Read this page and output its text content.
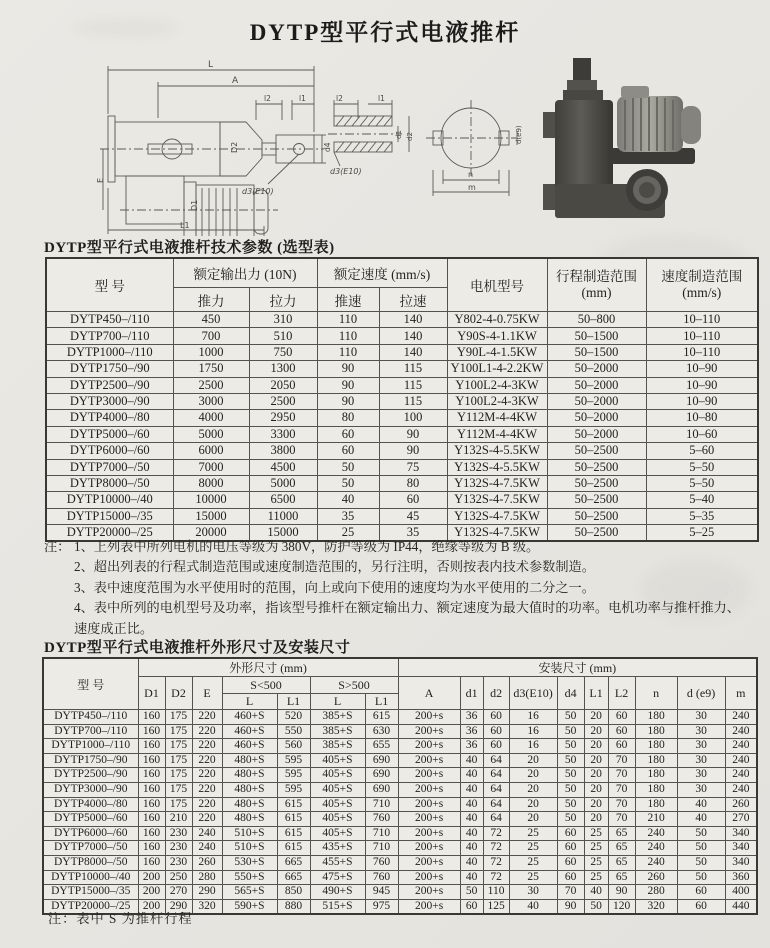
DYTP型平行式电液推杆
L
A
l2	l1
d4
D2
D1
E
L1
d3(E10)
d3(E10)
l2	l1
d1 d2
n
m
d(e9)
DYTP型平行式电液推杆技术参数 (选型表)
型 号	额定输出力 (10N)		额定速度 (mm/s)		电机型号	行程制造范围
(mm)	速度制造范围
(mm/s)

	推力	拉力	推速	拉速			
DYTP450–/110	450	310	110	140	Y802-4-0.75KW	50–800	10–110
DYTP700–/110	700	510	110	140	Y90S-4-1.1KW	50–1500	10–110
DYTP1000–/110	1000	750	110	140	Y90L-4-1.5KW	50–1500	10–110
DYTP1750–/90	1750	1300	90	115	Y100L1-4-2.2KW	50–2000	10–90
DYTP2500–/90	2500	2050	90	115	Y100L2-4-3KW	50–2000	10–90
DYTP3000–/90	3000	2500	90	115	Y100L2-4-3KW	50–2000	10–90
DYTP4000–/80	4000	2950	80	100	Y112M-4-4KW	50–2000	10–80
DYTP5000–/60	5000	3300	60	90	Y112M-4-4KW	50–2000	10–60
DYTP6000–/60	6000	3800	60	90	Y132S-4-5.5KW	50–2500	5–60
DYTP7000–/50	7000	4500	50	75	Y132S-4-5.5KW	50–2500	5–50
DYTP8000–/50	8000	5000	50	80	Y132S-4-7.5KW	50–2500	5–50
DYTP10000–/40	10000	6500	40	60	Y132S-4-7.5KW	50–2500	5–40
DYTP15000–/35	15000	11000	35	45	Y132S-4-7.5KW	50–2500	5–35
DYTP20000–/25	20000	15000	25	35	Y132S-4-7.5KW	50–2500	5–25
注： 1、上列表中所列电机的电压等级为 380V，防护等级为 IP44，绝缘等级为 B 级。
2、超出列表的行程式制造范围或速度制造范围的，另行注明，否则按表内技术参数制造。
3、表中速度范围为水平使用时的范围，向上或向下使用的速度均为水平使用的二分之一。
4、表中所列的电机型号及功率，指该型号推杆在额定输出力、额定速度为最大值时的功率。电机功率与推杆推力、速度成正比。
DYTP型平行式电液推杆外形尺寸及安装尺寸
型 号	外形尺寸 (mm)							安装尺寸 (mm)									
	D1	D2	E	S<500		S>500		A	d1	d2	d3(E10)	d4	L1	L2	n	d (e9)	m
				L	L1	L	L1										
DYTP450–/110	160	175	220	460+S	520	385+S	615	200+s	36	60	16	50	20	60	180	30	240
DYTP700–/110	160	175	220	460+S	550	385+S	630	200+s	36	60	16	50	20	60	180	30	240
DYTP1000–/110	160	175	220	460+S	560	385+S	655	200+s	36	60	16	50	20	60	180	30	240
DYTP1750–/90	160	175	220	480+S	595	405+S	690	200+s	40	64	20	50	20	70	180	30	240
DYTP2500–/90	160	175	220	480+S	595	405+S	690	200+s	40	64	20	50	20	70	180	30	240
DYTP3000–/90	160	175	220	480+S	595	405+S	690	200+s	40	64	20	50	20	70	180	30	240
DYTP4000–/80	160	175	220	480+S	615	405+S	710	200+s	40	64	20	50	20	70	180	40	260
DYTP5000–/60	160	210	220	480+S	615	405+S	760	200+s	40	64	20	50	20	70	210	40	270
DYTP6000–/60	160	230	240	510+S	615	405+S	710	200+s	40	72	25	60	25	65	240	50	340
DYTP7000–/50	160	230	240	510+S	615	435+S	710	200+s	40	72	25	60	25	65	240	50	340
DYTP8000–/50	160	230	260	530+S	665	455+S	760	200+s	40	72	25	60	25	65	240	50	340
DYTP10000–/40	200	250	280	550+S	665	475+S	760	200+s	40	72	25	60	25	65	260	50	360
DYTP15000–/35	200	270	290	565+S	850	490+S	945	200+s	50	110	30	70	40	90	280	60	400
DYTP20000–/25	200	290	320	590+S	880	515+S	975	200+s	60	125	40	90	50	120	320	60	440
注：表中 S 为推杆行程
